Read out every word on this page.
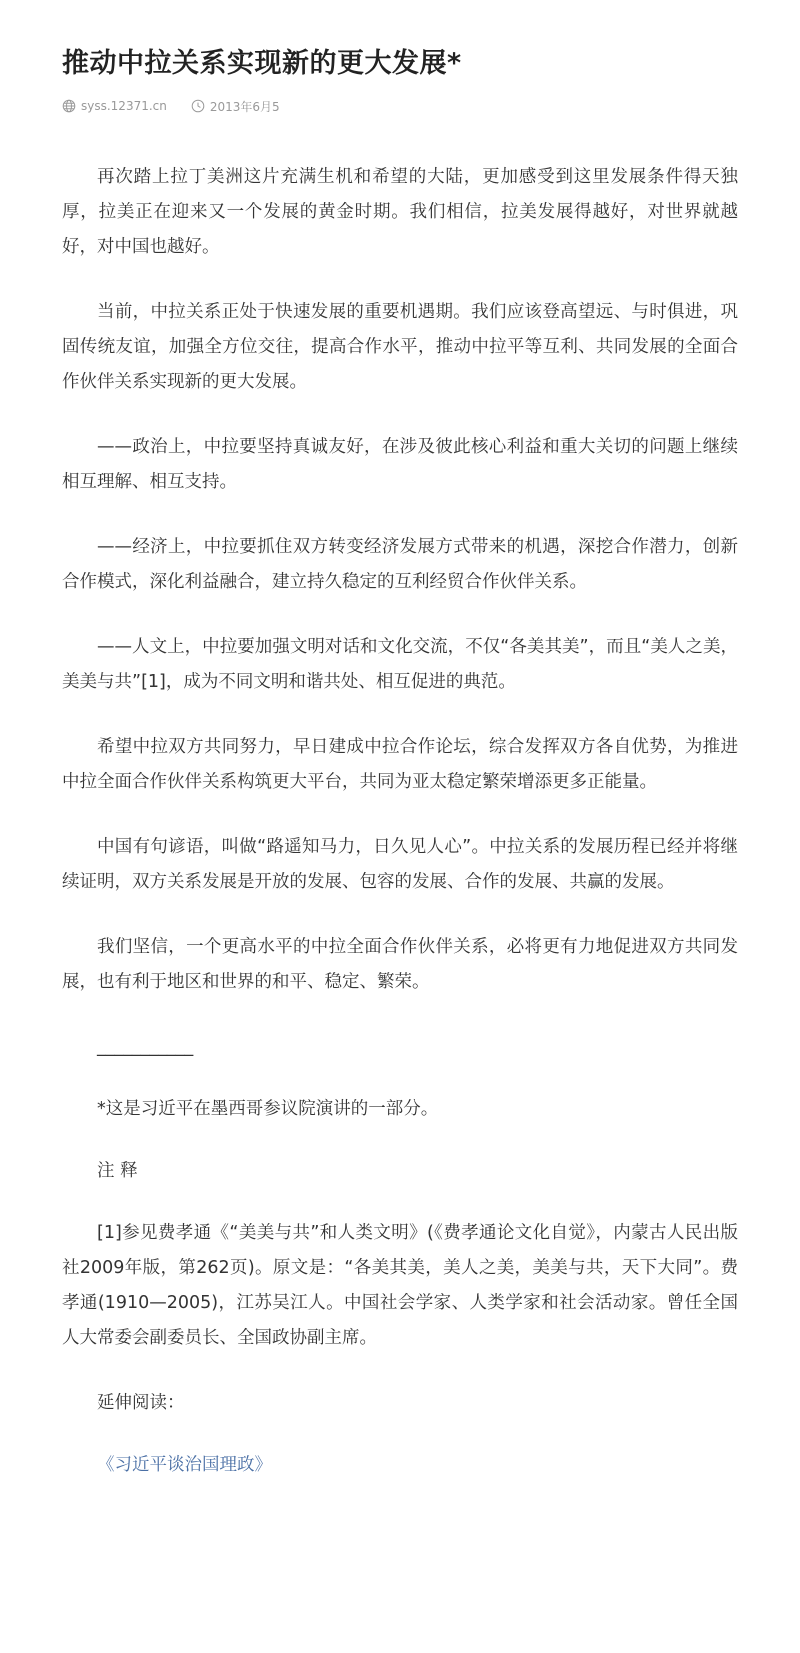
推动中拉关系实现新的更大发展*
syss.12371.cn	2013年6月5

再次踏上拉丁美洲这片充满生机和希望的大陆，更加感受到这里发展条件得天独厚，拉美正在迎来又一个发展的黄金时期。我们相信，拉美发展得越好，对世界就越好，对中国也越好。

当前，中拉关系正处于快速发展的重要机遇期。我们应该登高望远、与时俱进，巩固传统友谊，加强全方位交往，提高合作水平，推动中拉平等互利、共同发展的全面合作伙伴关系实现新的更大发展。

——政治上，中拉要坚持真诚友好，在涉及彼此核心利益和重大关切的问题上继续相互理解、相互支持。

——经济上，中拉要抓住双方转变经济发展方式带来的机遇，深挖合作潜力，创新合作模式，深化利益融合，建立持久稳定的互利经贸合作伙伴关系。

——人文上，中拉要加强文明对话和文化交流，不仅“各美其美”，而且“美人之美，美美与共”[1]，成为不同文明和谐共处、相互促进的典范。

希望中拉双方共同努力，早日建成中拉合作论坛，综合发挥双方各自优势，为推进中拉全面合作伙伴关系构筑更大平台，共同为亚太稳定繁荣增添更多正能量。

中国有句谚语，叫做“路遥知马力，日久见人心”。中拉关系的发展历程已经并将继续证明，双方关系发展是开放的发展、包容的发展、合作的发展、共赢的发展。

我们坚信，一个更高水平的中拉全面合作伙伴关系，必将更有力地促进双方共同发展，也有利于地区和世界的和平、稳定、繁荣。

___________

*这是习近平在墨西哥参议院演讲的一部分。

注 释

[1]参见费孝通《“美美与共”和人类文明》(《费孝通论文化自觉》，内蒙古人民出版社2009年版，第262页)。原文是：“各美其美，美人之美，美美与共，天下大同”。费孝通(1910—2005)，江苏吴江人。中国社会学家、人类学家和社会活动家。曾任全国人大常委会副委员长、全国政协副主席。

延伸阅读：

《习近平谈治国理政》
